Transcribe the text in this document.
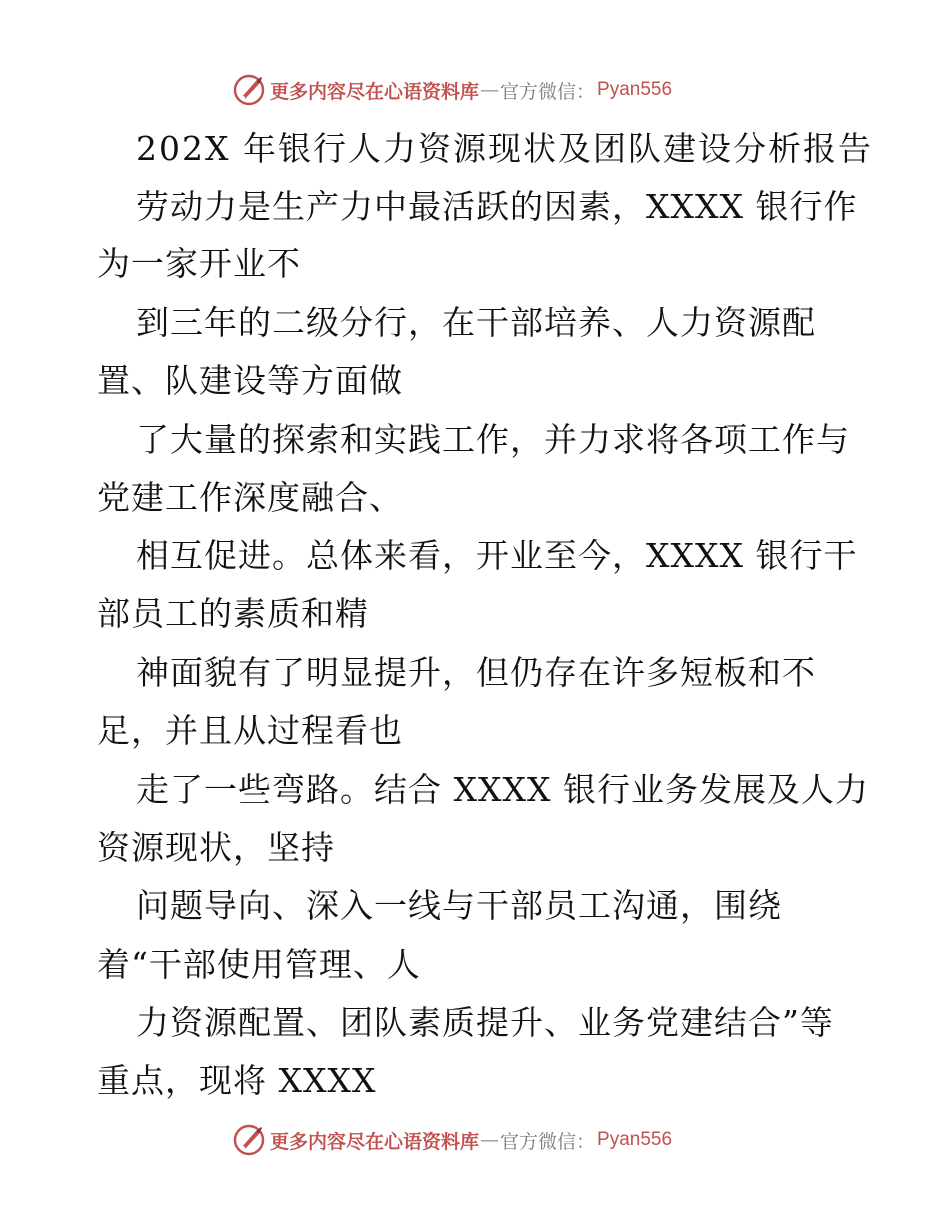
更多内容尽在心语资料库 — 官方微信： Pyan556
202X 年银行人力资源现状及团队建设分析报告
劳动力是生产力中最活跃的因素，XXXX 银行作
为一家开业不
到三年的二级分行，在干部培养、人力资源配
置、队建设等方面做
了大量的探索和实践工作，并力求将各项工作与
党建工作深度融合、
相互促进。总体来看，开业至今，XXXX 银行干
部员工的素质和精
神面貌有了明显提升，但仍存在许多短板和不
足，并且从过程看也
走了一些弯路。结合 XXXX 银行业务发展及人力
资源现状，坚持
问题导向、深入一线与干部员工沟通，围绕
着“干部使用管理、人
力资源配置、团队素质提升、业务党建结合”等
重点，现将 XXXX
更多内容尽在心语资料库 — 官方微信： Pyan556
